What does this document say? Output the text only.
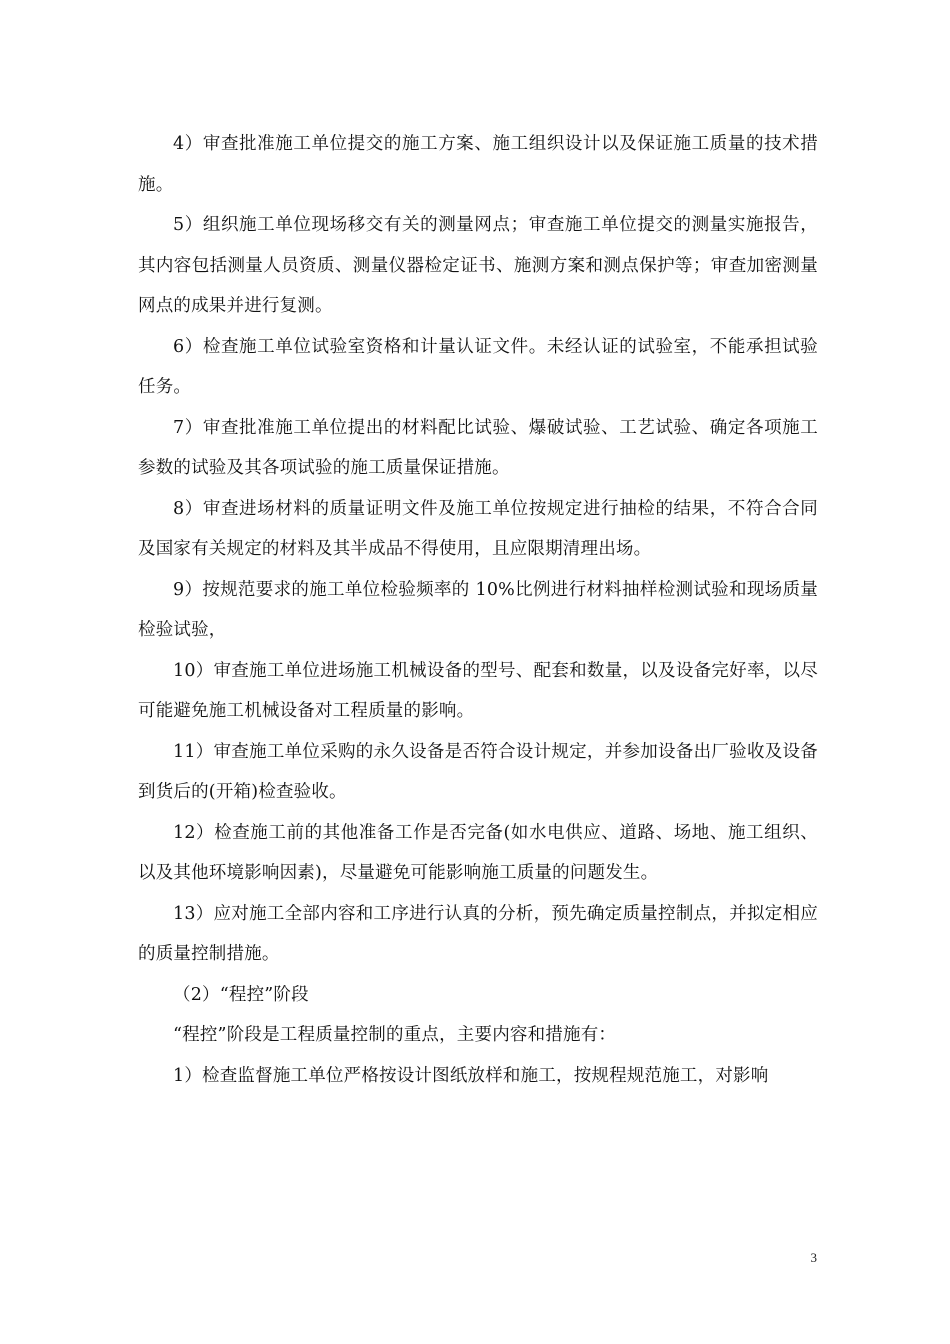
4）审查批准施工单位提交的施工方案、施工组织设计以及保证施工质量的技术措施。

5）组织施工单位现场移交有关的测量网点；审查施工单位提交的测量实施报告，其内容包括测量人员资质、测量仪器检定证书、施测方案和测点保护等；审查加密测量网点的成果并进行复测。

6）检查施工单位试验室资格和计量认证文件。未经认证的试验室，不能承担试验任务。

7）审查批准施工单位提出的材料配比试验、爆破试验、工艺试验、确定各项施工参数的试验及其各项试验的施工质量保证措施。

8）审查进场材料的质量证明文件及施工单位按规定进行抽检的结果，不符合合同及国家有关规定的材料及其半成品不得使用，且应限期清理出场。

9）按规范要求的施工单位检验频率的 10%比例进行材料抽样检测试验和现场质量检验试验，

10）审查施工单位进场施工机械设备的型号、配套和数量，以及设备完好率，以尽可能避免施工机械设备对工程质量的影响。

11）审查施工单位采购的永久设备是否符合设计规定，并参加设备出厂验收及设备到货后的(开箱)检查验收。

12）检查施工前的其他准备工作是否完备(如水电供应、道路、场地、施工组织、以及其他环境影响因素)，尽量避免可能影响施工质量的问题发生。

13）应对施工全部内容和工序进行认真的分析，预先确定质量控制点，并拟定相应的质量控制措施。

（2）“程控”阶段

“程控”阶段是工程质量控制的重点，主要内容和措施有：

1）检查监督施工单位严格按设计图纸放样和施工，按规程规范施工，对影响

3
